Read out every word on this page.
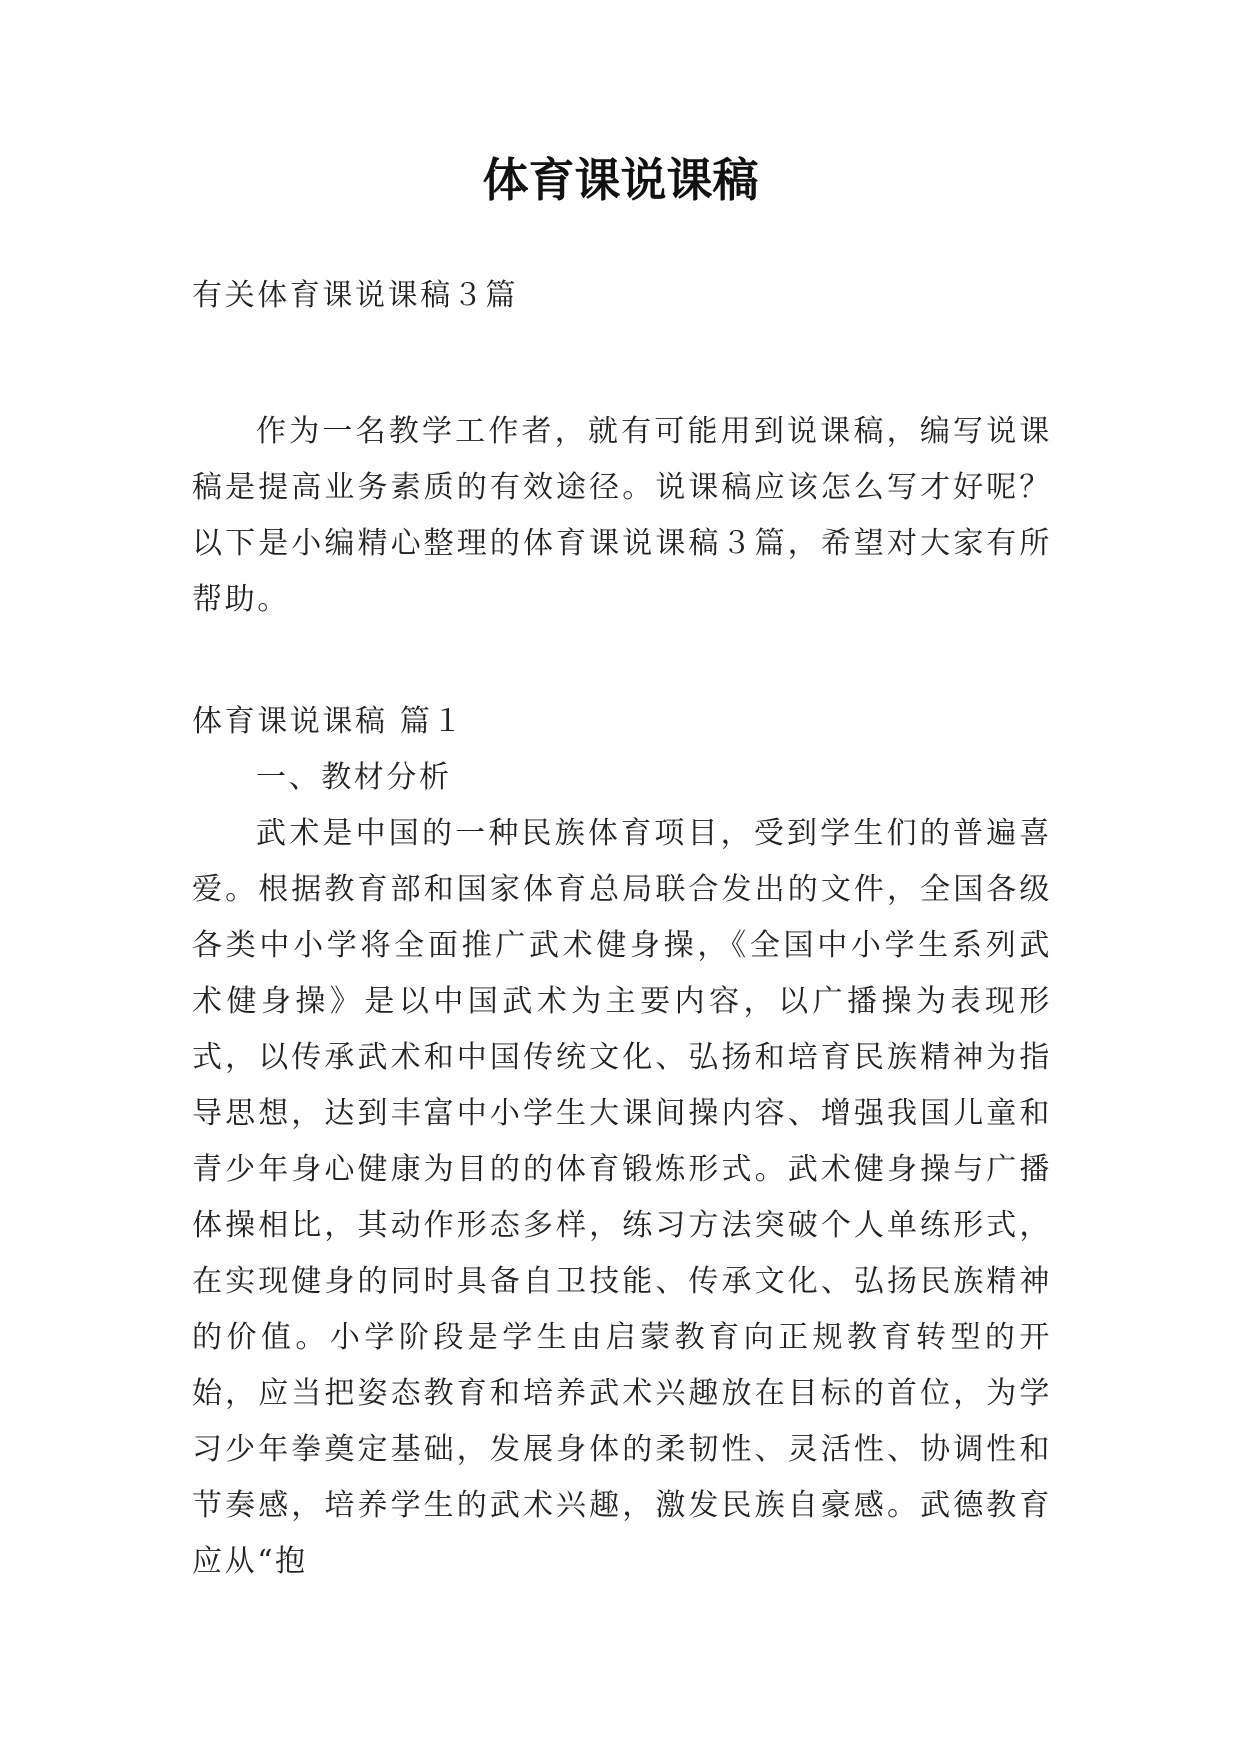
体育课说课稿
有关体育课说课稿３篇
作为一名教学工作者，就有可能用到说课稿，编写说课稿是提高业务素质的有效途径。说课稿应该怎么写才好呢？以下是小编精心整理的体育课说课稿３篇，希望对大家有所帮助。
体育课说课稿 篇１
一、教材分析
武术是中国的一种民族体育项目，受到学生们的普遍喜爱。根据教育部和国家体育总局联合发出的文件，全国各级各类中小学将全面推广武术健身操，《全国中小学生系列武术健身操》是以中国武术为主要内容，以广播操为表现形式，以传承武术和中国传统文化、弘扬和培育民族精神为指导思想，达到丰富中小学生大课间操内容、增强我国儿童和青少年身心健康为目的的体育锻炼形式。武术健身操与广播体操相比，其动作形态多样，练习方法突破个人单练形式，在实现健身的同时具备自卫技能、传承文化、弘扬民族精神的价值。小学阶段是学生由启蒙教育向正规教育转型的开始，应当把姿态教育和培养武术兴趣放在目标的首位，为学习少年拳奠定基础，发展身体的柔韧性、灵活性、协调性和节奏感，培养学生的武术兴趣，激发民族自豪感。武德教育应从“抱
